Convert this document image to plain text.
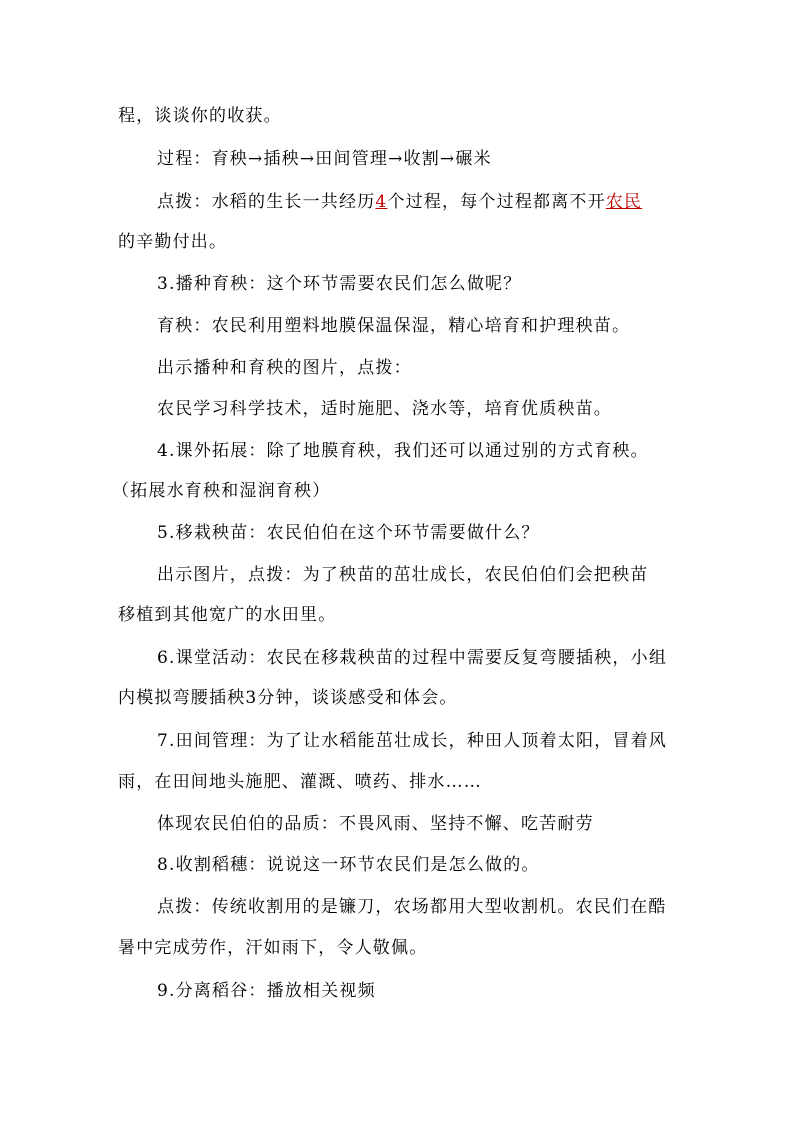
程，谈谈你的收获。
过程：育秧→插秧→田间管理→收割→碾米
点拨：水稻的生长一共经历4个过程，每个过程都离不开农民
的辛勤付出。
3.播种育秧：这个环节需要农民们怎么做呢？
育秧：农民利用塑料地膜保温保湿，精心培育和护理秧苗。
出示播种和育秧的图片，点拨：
农民学习科学技术，适时施肥、浇水等，培育优质秧苗。
4.课外拓展：除了地膜育秧，我们还可以通过别的方式育秧。
（拓展水育秧和湿润育秧）
5.移栽秧苗：农民伯伯在这个环节需要做什么？
出示图片，点拨：为了秧苗的茁壮成长，农民伯伯们会把秧苗
移植到其他宽广的水田里。
6.课堂活动：农民在移栽秧苗的过程中需要反复弯腰插秧，小组
内模拟弯腰插秧3分钟，谈谈感受和体会。
7.田间管理：为了让水稻能茁壮成长，种田人顶着太阳，冒着风
雨，在田间地头施肥、灌溉、喷药、排水……
体现农民伯伯的品质：不畏风雨、坚持不懈、吃苦耐劳
8.收割稻穗：说说这一环节农民们是怎么做的。
点拨：传统收割用的是镰刀，农场都用大型收割机。农民们在酷
暑中完成劳作，汗如雨下，令人敬佩。
9.分离稻谷：播放相关视频
